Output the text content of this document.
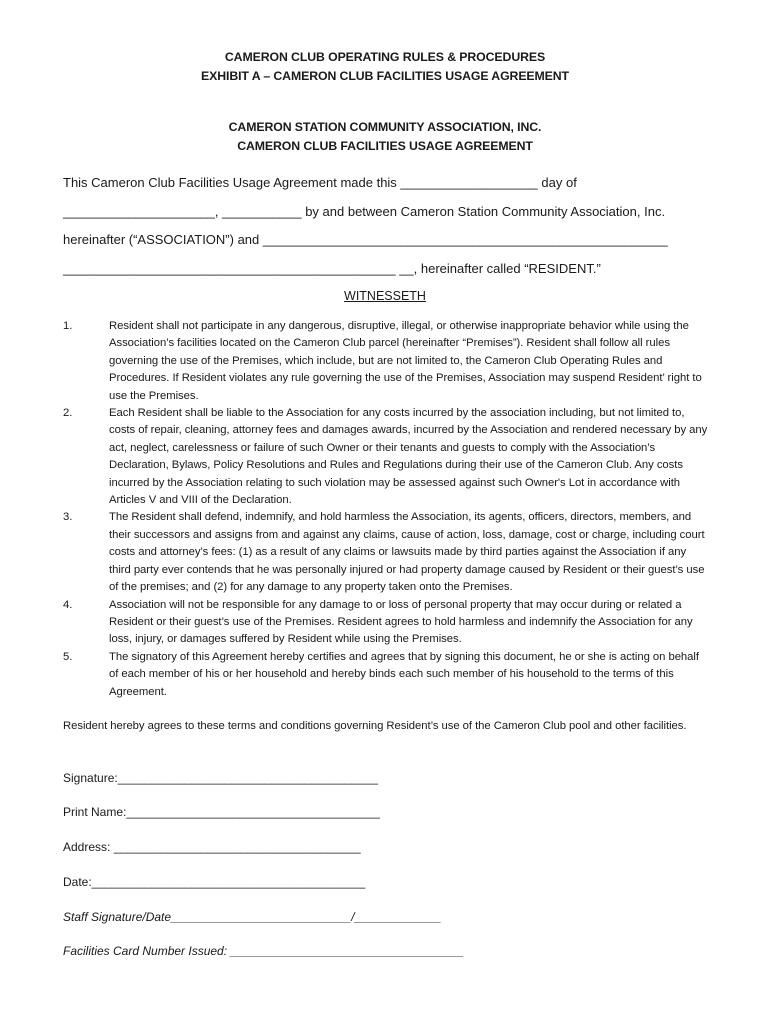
CAMERON CLUB OPERATING RULES & PROCEDURES
EXHIBIT A – CAMERON CLUB FACILITIES USAGE AGREEMENT
CAMERON STATION COMMUNITY ASSOCIATION, INC.
CAMERON CLUB FACILITIES USAGE AGREEMENT
This Cameron Club Facilities Usage Agreement made this ___________________ day of
_____________________, ___________ by and between Cameron Station Community Association, Inc.
hereinafter (“ASSOCIATION”) and ________________________________________________________
______________________________________________ __, hereinafter called “RESIDENT.”
WITNESSETH
1.	Resident shall not participate in any dangerous, disruptive, illegal, or otherwise inappropriate behavior while using the Association’s facilities located on the Cameron Club parcel (hereinafter “Premises”). Resident shall follow all rules governing the use of the Premises, which include, but are not limited to, the Cameron Club Operating Rules and Procedures. If Resident violates any rule governing the use of the Premises, Association may suspend Resident’ right to use the Premises.
2.	Each Resident shall be liable to the Association for any costs incurred by the association including, but not limited to, costs of repair, cleaning, attorney fees and damages awards, incurred by the Association and rendered necessary by any act, neglect, carelessness or failure of such Owner or their tenants and guests to comply with the Association’s Declaration, Bylaws, Policy Resolutions and Rules and Regulations during their use of the Cameron Club. Any costs incurred by the Association relating to such violation may be assessed against such Owner's Lot in accordance with Articles V and VIII of the Declaration.
3.	The Resident shall defend, indemnify, and hold harmless the Association, its agents, officers, directors, members, and their successors and assigns from and against any claims, cause of action, loss, damage, cost or charge, including court costs and attorney’s fees: (1) as a result of any claims or lawsuits made by third parties against the Association if any third party ever contends that he was personally injured or had property damage caused by Resident or their guest’s use of the premises; and (2) for any damage to any property taken onto the Premises.
4.	Association will not be responsible for any damage to or loss of personal property that may occur during or related a Resident or their guest’s use of the Premises. Resident agrees to hold harmless and indemnify the Association for any loss, injury, or damages suffered by Resident while using the Premises.
5.	The signatory of this Agreement hereby certifies and agrees that by signing this document, he or she is acting on behalf of each member of his or her household and hereby binds each such member of his household to the terms of this Agreement.
Resident hereby agrees to these terms and conditions governing Resident’s use of the Cameron Club pool and other facilities.
Signature:_______________________________________
Print Name:______________________________________
Address: _____________________________________
Date:_________________________________________
Staff Signature/Date___________________________/_____________
Facilities Card Number Issued: ___________________________________
